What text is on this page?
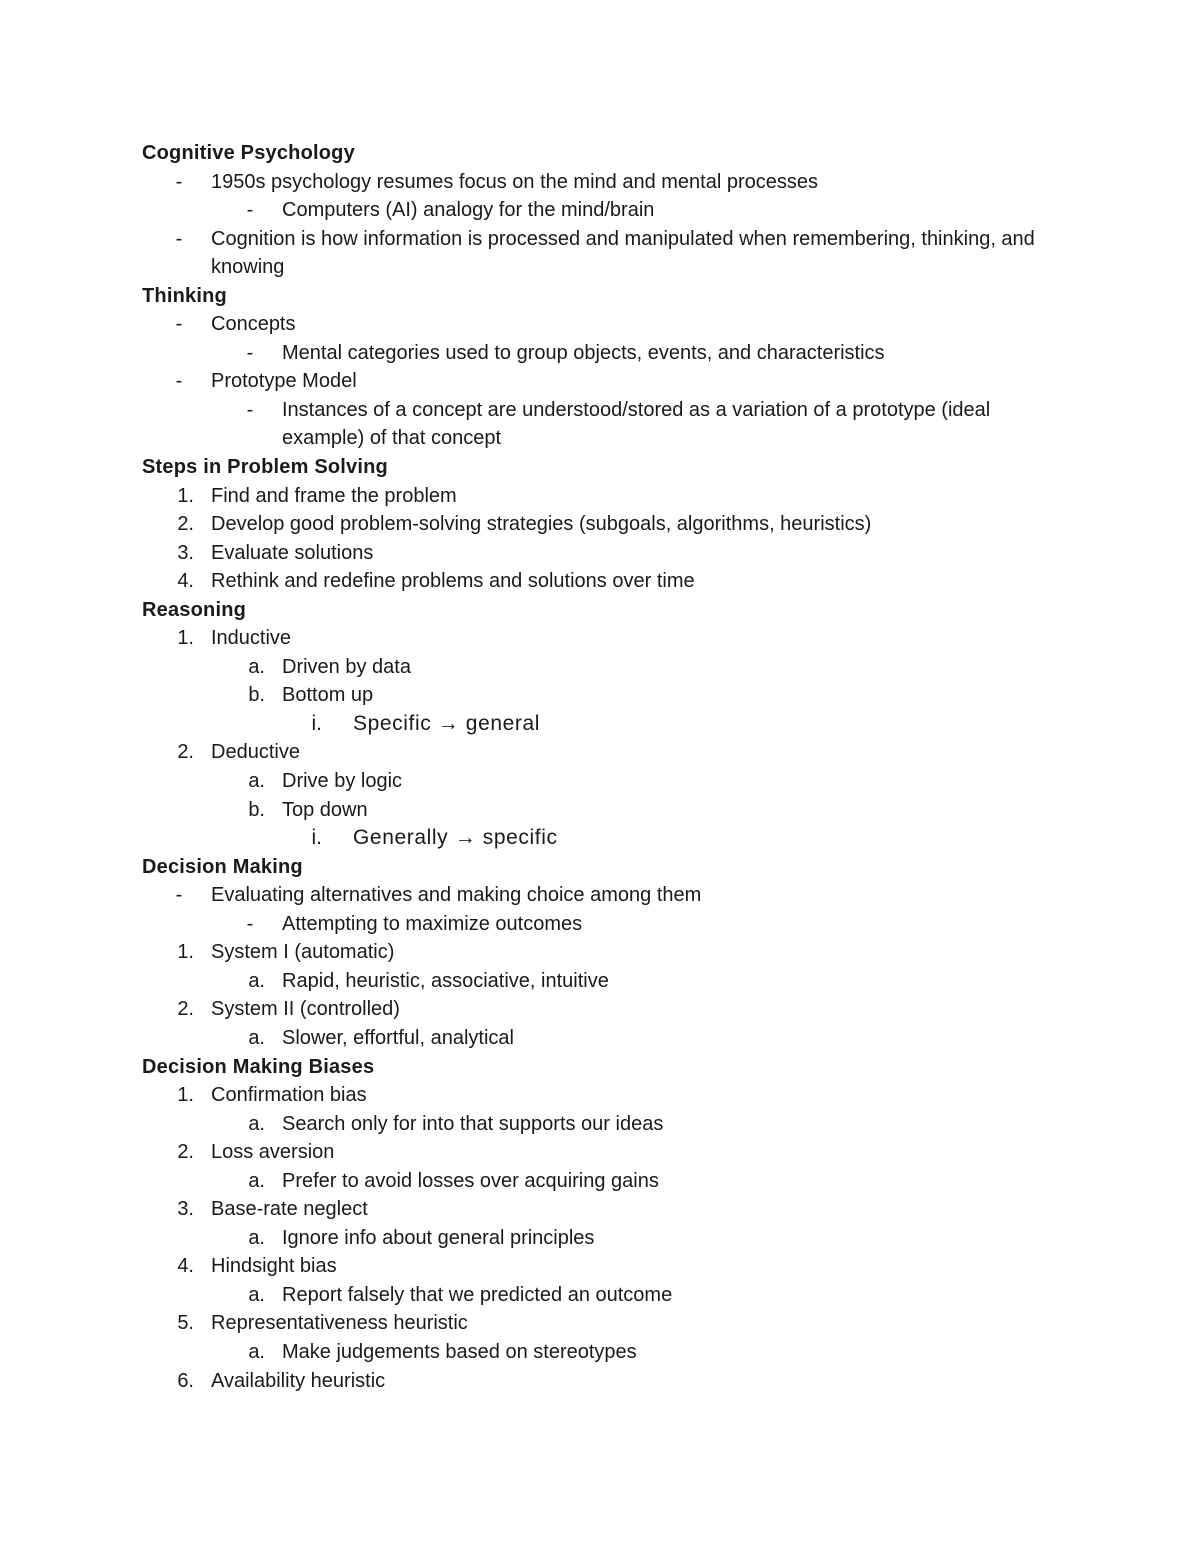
Cognitive Psychology
- 1950s psychology resumes focus on the mind and mental processes
- Computers (AI) analogy for the mind/brain
- Cognition is how information is processed and manipulated when remembering, thinking, and knowing
Thinking
- Concepts
- Mental categories used to group objects, events, and characteristics
- Prototype Model
- Instances of a concept are understood/stored as a variation of a prototype (ideal example) of that concept
Steps in Problem Solving
1. Find and frame the problem
2. Develop good problem-solving strategies (subgoals, algorithms, heuristics)
3. Evaluate solutions
4. Rethink and redefine problems and solutions over time
Reasoning
1. Inductive
a. Driven by data
b. Bottom up
i. Specific → general
2. Deductive
a. Drive by logic
b. Top down
i. Generally → specific
Decision Making
- Evaluating alternatives and making choice among them
- Attempting to maximize outcomes
1. System I (automatic)
a. Rapid, heuristic, associative, intuitive
2. System II (controlled)
a. Slower, effortful, analytical
Decision Making Biases
1. Confirmation bias
a. Search only for into that supports our ideas
2. Loss aversion
a. Prefer to avoid losses over acquiring gains
3. Base-rate neglect
a. Ignore info about general principles
4. Hindsight bias
a. Report falsely that we predicted an outcome
5. Representativeness heuristic
a. Make judgements based on stereotypes
6. Availability heuristic
